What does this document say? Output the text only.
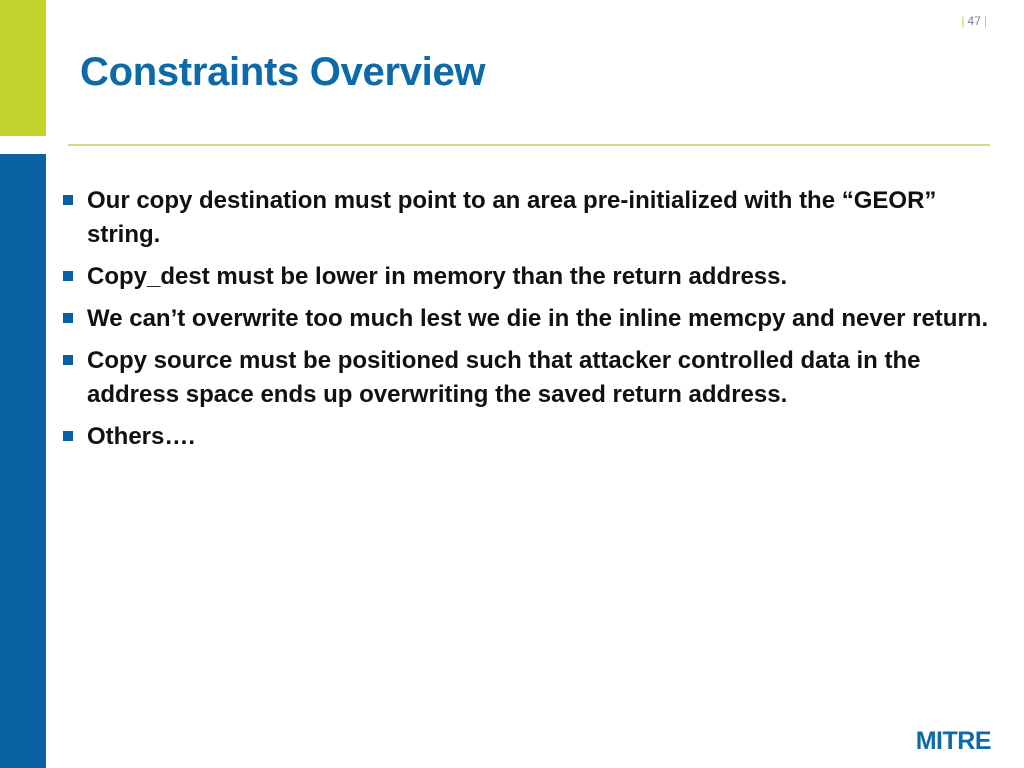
| 47 |
Constraints Overview
Our copy destination must point to an area pre-initialized with the “GEOR” string.
Copy_dest must be lower in memory than the return address.
We can’t overwrite too much lest we die in the inline memcpy and never return.
Copy source must be positioned such that attacker controlled data in the address space ends up overwriting the saved return address.
Others….
MITRE
